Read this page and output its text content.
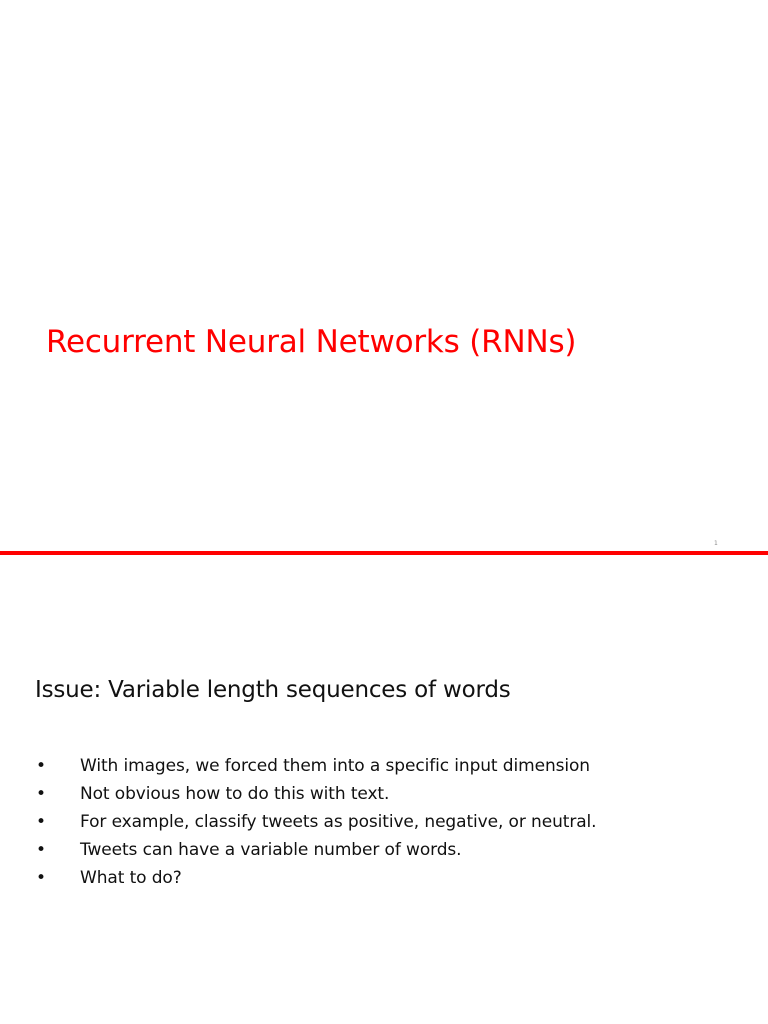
Recurrent Neural Networks (RNNs)
1
Issue: Variable length sequences of words
•	With images, we forced them into a specific input dimension
•	Not obvious how to do this with text.
•	For example, classify tweets as positive, negative, or neutral.
•	Tweets can have a variable number of words.
•	What to do?
